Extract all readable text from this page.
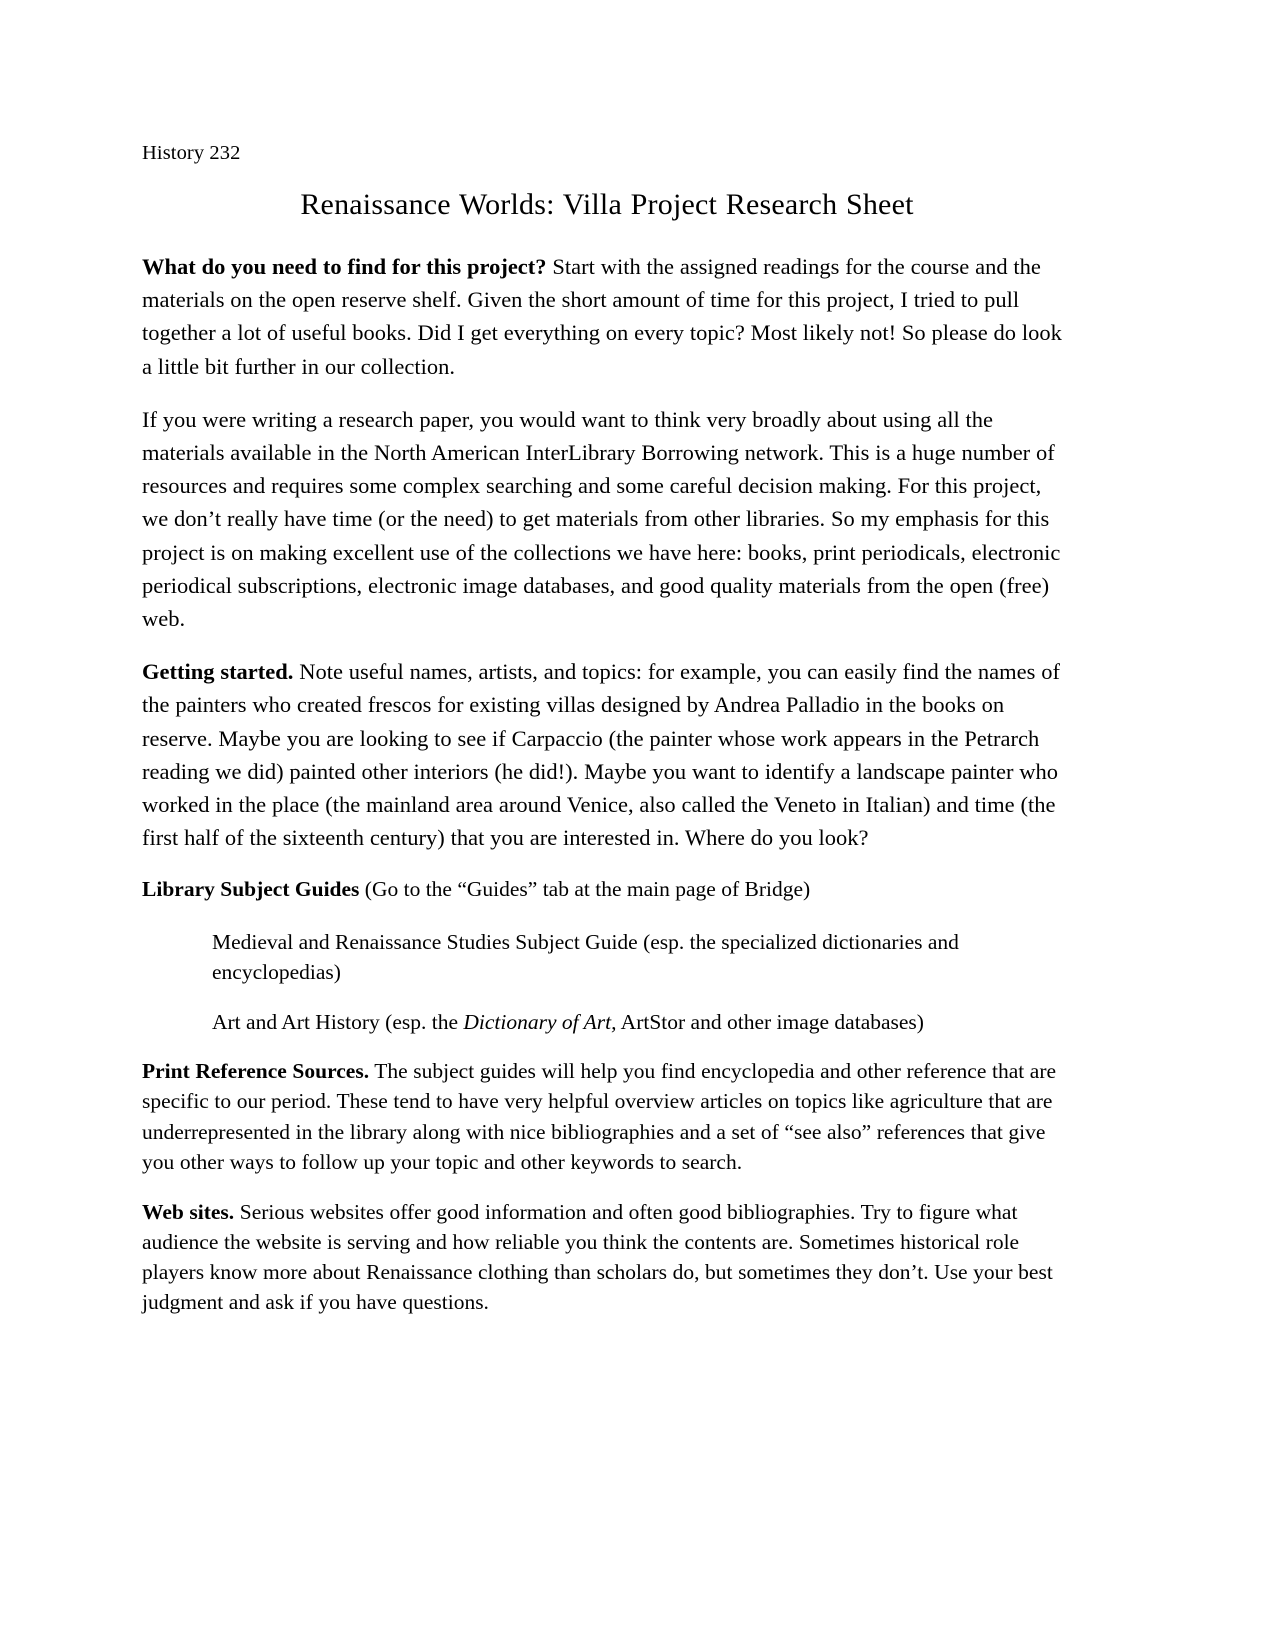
History 232

Renaissance Worlds: Villa Project Research Sheet

What do you need to find for this project? Start with the assigned readings for the course and the materials on the open reserve shelf. Given the short amount of time for this project, I tried to pull together a lot of useful books. Did I get everything on every topic? Most likely not! So please do look a little bit further in our collection.

If you were writing a research paper, you would want to think very broadly about using all the materials available in the North American InterLibrary Borrowing network. This is a huge number of resources and requires some complex searching and some careful decision making. For this project, we don’t really have time (or the need) to get materials from other libraries. So my emphasis for this project is on making excellent use of the collections we have here: books, print periodicals, electronic periodical subscriptions, electronic image databases, and good quality materials from the open (free) web.

Getting started. Note useful names, artists, and topics: for example, you can easily find the names of the painters who created frescos for existing villas designed by Andrea Palladio in the books on reserve. Maybe you are looking to see if Carpaccio (the painter whose work appears in the Petrarch reading we did) painted other interiors (he did!). Maybe you want to identify a landscape painter who worked in the place (the mainland area around Venice, also called the Veneto in Italian) and time (the first half of the sixteenth century) that you are interested in. Where do you look?

Library Subject Guides (Go to the “Guides” tab at the main page of Bridge)

Medieval and Renaissance Studies Subject Guide (esp. the specialized dictionaries and encyclopedias)

Art and Art History (esp. the Dictionary of Art, ArtStor and other image databases)

Print Reference Sources. The subject guides will help you find encyclopedia and other reference that are specific to our period. These tend to have very helpful overview articles on topics like agriculture that are underrepresented in the library along with nice bibliographies and a set of “see also” references that give you other ways to follow up your topic and other keywords to search.

Web sites. Serious websites offer good information and often good bibliographies. Try to figure what audience the website is serving and how reliable you think the contents are. Sometimes historical role players know more about Renaissance clothing than scholars do, but sometimes they don’t. Use your best judgment and ask if you have questions.
